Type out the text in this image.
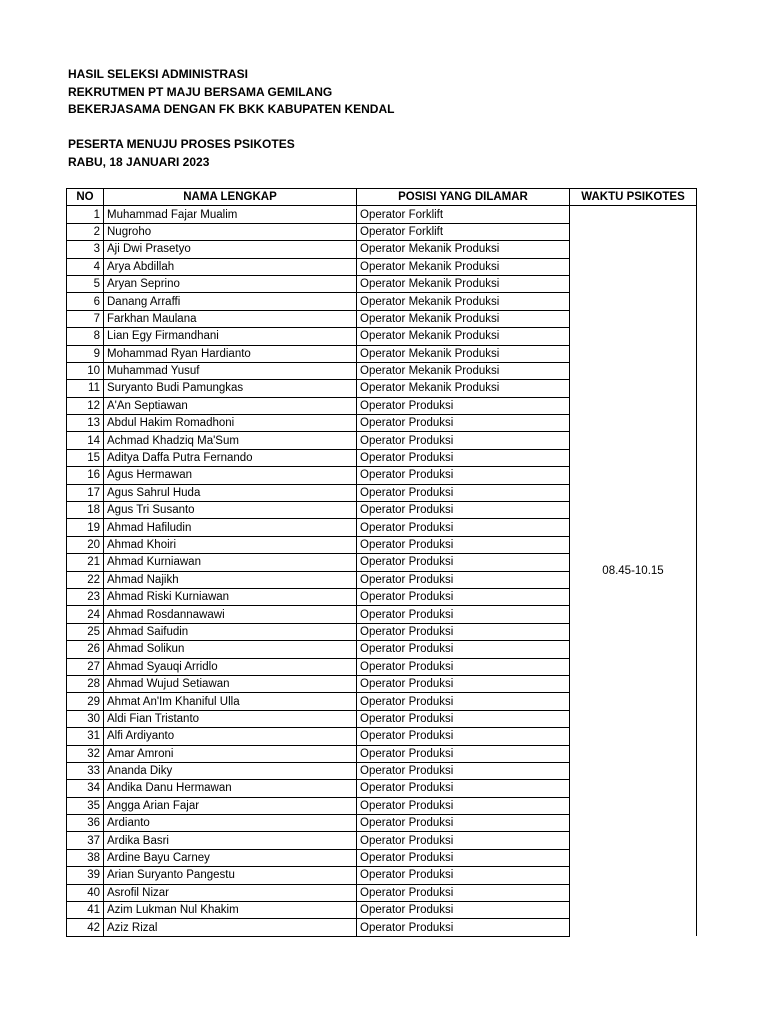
HASIL SELEKSI ADMINISTRASI
REKRUTMEN PT MAJU BERSAMA GEMILANG
BEKERJASAMA DENGAN FK BKK KABUPATEN KENDAL
PESERTA MENUJU PROSES PSIKOTES
RABU, 18 JANUARI 2023
NO	NAMA LENGKAP	POSISI YANG DILAMAR	WAKTU PSIKOTES
1	Muhammad Fajar Mualim	Operator Forklift	08.45-10.15
2	Nugroho	Operator Forklift	
3	Aji Dwi Prasetyo	Operator Mekanik Produksi	
4	Arya Abdillah	Operator Mekanik Produksi	
5	Aryan Seprino	Operator Mekanik Produksi	
6	Danang Arraffi	Operator Mekanik Produksi	
7	Farkhan Maulana	Operator Mekanik Produksi	
8	Lian Egy Firmandhani	Operator Mekanik Produksi	
9	Mohammad Ryan Hardianto	Operator Mekanik Produksi	
10	Muhammad Yusuf	Operator Mekanik Produksi	
11	Suryanto Budi Pamungkas	Operator Mekanik Produksi	
12	A'An Septiawan	Operator Produksi	
13	Abdul Hakim Romadhoni	Operator Produksi	
14	Achmad Khadziq Ma'Sum	Operator Produksi	
15	Aditya Daffa Putra Fernando	Operator Produksi	
16	Agus Hermawan	Operator Produksi	
17	Agus Sahrul Huda	Operator Produksi	
18	Agus Tri Susanto	Operator Produksi	
19	Ahmad Hafiludin	Operator Produksi	
20	Ahmad Khoiri	Operator Produksi	
21	Ahmad Kurniawan	Operator Produksi	
22	Ahmad Najikh	Operator Produksi	
23	Ahmad Riski Kurniawan	Operator Produksi	
24	Ahmad Rosdannawawi	Operator Produksi	
25	Ahmad Saifudin	Operator Produksi	
26	Ahmad Solikun	Operator Produksi	
27	Ahmad Syauqi Arridlo	Operator Produksi	
28	Ahmad Wujud Setiawan	Operator Produksi	
29	Ahmat An'Im Khaniful Ulla	Operator Produksi	
30	Aldi Fian Tristanto	Operator Produksi	
31	Alfi Ardiyanto	Operator Produksi	
32	Amar Amroni	Operator Produksi	
33	Ananda Diky	Operator Produksi	
34	Andika Danu Hermawan	Operator Produksi	
35	Angga Arian Fajar	Operator Produksi	
36	Ardianto	Operator Produksi	
37	Ardika Basri	Operator Produksi	
38	Ardine Bayu Carney	Operator Produksi	
39	Arian Suryanto Pangestu	Operator Produksi	
40	Asrofil Nizar	Operator Produksi	
41	Azim Lukman Nul Khakim	Operator Produksi	
42	Aziz Rizal	Operator Produksi	
